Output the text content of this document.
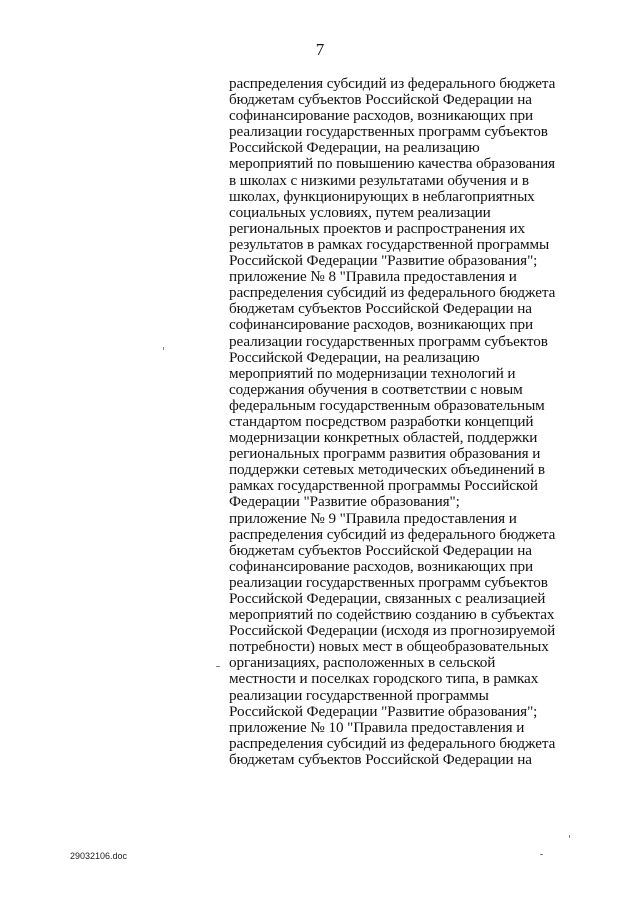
7
распределения субсидий из федерального бюджета
бюджетам субъектов Российской Федерации на
софинансирование расходов, возникающих при
реализации государственных программ субъектов
Российской Федерации, на реализацию
мероприятий по повышению качества образования
в школах с низкими результатами обучения и в
школах, функционирующих в неблагоприятных
социальных условиях, путем реализации
региональных проектов и распространения их
результатов в рамках государственной программы
Российской Федерации "Развитие образования";
приложение № 8 "Правила предоставления и
распределения субсидий из федерального бюджета
бюджетам субъектов Российской Федерации на
софинансирование расходов, возникающих при
реализации государственных программ субъектов
Российской Федерации, на реализацию
мероприятий по модернизации технологий и
содержания обучения в соответствии с новым
федеральным государственным образовательным
стандартом посредством разработки концепций
модернизации конкретных областей, поддержки
региональных программ развития образования и
поддержки сетевых методических объединений в
рамках государственной программы Российской
Федерации "Развитие образования";
приложение № 9 "Правила предоставления и
распределения субсидий из федерального бюджета
бюджетам субъектов Российской Федерации на
софинансирование расходов, возникающих при
реализации государственных программ субъектов
Российской Федерации, связанных с реализацией
мероприятий по содействию созданию в субъектах
Российской Федерации (исходя из прогнозируемой
потребности) новых мест в общеобразовательных
организациях, расположенных в сельской
местности и поселках городского типа, в рамках
реализации государственной программы
Российской Федерации "Развитие образования";
приложение № 10 "Правила предоставления и
распределения субсидий из федерального бюджета
бюджетам субъектов Российской Федерации на
29032106.doc
